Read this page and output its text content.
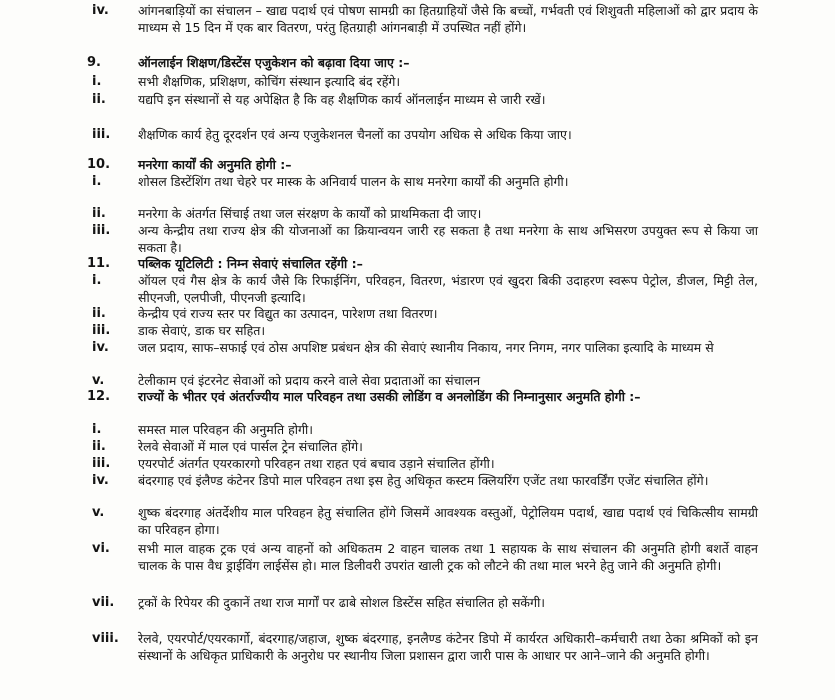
iv. आंगनबाड़ियों का संचालन – खाद्य पदार्थ एवं पोषण सामग्री का हितग्राहियों जैसे कि बच्चों, गर्भवती एवं शिशुवती महिलाओं को द्वार प्रदाय के माध्यम से 15 दिन में एक बार वितरण, परंतु हितग्राही आंगनबाड़ी में उपस्थित नहीं होंगे।
9.	ऑनलाईन शिक्षण/डिस्टेंस एजुकेशन को बढ़ावा दिया जाए :–
i.	सभी शैक्षणिक, प्रशिक्षण, कोचिंग संस्थान इत्यादि बंद रहेंगे।
ii.	यद्यपि इन संस्थानों से यह अपेक्षित है कि वह शैक्षणिक कार्य ऑनलाईन माध्यम से जारी रखें।
iii. शैक्षणिक कार्य हेतु दूरदर्शन एवं अन्य एजुकेशनल चैनलों का उपयोग अधिक से अधिक किया जाए।
10. मनरेगा कार्यों की अनुमति होगी :–
i.	शोसल डिस्टेंशिंग तथा चेहरे पर मास्क के अनिवार्य पालन के साथ मनरेगा कार्यों की अनुमति होगी।
ii.	मनरेगा के अंतर्गत सिंचाई तथा जल संरक्षण के कार्यों को प्राथमिकता दी जाए।
iii. अन्य केन्द्रीय तथा राज्य क्षेत्र की योजनाओं का क्रियान्वयन जारी रह सकता है तथा मनरेगा के साथ अभिसरण उपयुक्त रूप से किया जा सकता है।
11. पब्लिक यूटिलिटी : निम्न सेवाएं संचालित रहेंगी :–
i.	ऑयल एवं गैस क्षेत्र के कार्य जैसे कि रिफाईनिंग, परिवहन, वितरण, भंडारण एवं खुदरा बिकी उदाहरण स्वरूप पेट्रोल, डीजल, मिट्टी तेल, सीएनजी, एलपीजी, पीएनजी इत्यादि।
ii.	केन्द्रीय एवं राज्य स्तर पर विद्युत का उत्पादन, पारेशण तथा वितरण।
iii. डाक सेवाएं, डाक घर सहित।
iv. जल प्रदाय, साफ–सफाई एवं ठोस अपशिष्ट प्रबंधन क्षेत्र की सेवाएं स्थानीय निकाय, नगर निगम, नगर पालिका इत्यादि के माध्यम से
v.	टेलीकाम एवं इंटरनेट सेवाओं को प्रदाय करने वाले सेवा प्रदाताओं का संचालन
12. राज्यों के भीतर एवं अंतर्राज्यीय माल परिवहन तथा उसकी लोडिंग व अनलोडिंग की निम्नानुसार अनुमति होगी :–
i.	समस्त माल परिवहन की अनुमति होगी।
ii.	रेलवे सेवाओं में माल एवं पार्सल ट्रेन संचालित होंगे।
iii. एयरपोर्ट अंतर्गत एयरकारगो परिवहन तथा राहत एवं बचाव उड़ाने संचालित होंगी।
iv. बंदरगाह एवं इंलैण्ड कंटेनर डिपो माल परिवहन तथा इस हेतु अधिकृत कस्टम क्लियरिंग एजेंट तथा फारवर्डिंग एजेंट संचालित होंगे।
v.	शुष्क बंदरगाह अंतर्देशीय माल परिवहन हेतु संचालित होंगे जिसमें आवश्यक वस्तुओं, पेट्रोलियम पदार्थ, खाद्य पदार्थ एवं चिकित्सीय सामग्री का परिवहन होगा।
vi. सभी माल वाहक ट्रक एवं अन्य वाहनों को अधिकतम 2 वाहन चालक तथा 1 सहायक के साथ संचालन की अनुमति होगी बशर्ते वाहन चालक के पास वैध ड्राईविंग लाईसेंस हो। माल डिलीवरी उपरांत खाली ट्रक को लौटने की तथा माल भरने हेतु जाने की अनुमति होगी।
vii. ट्रकों के रिपेयर की दुकानें तथा राज मार्गों पर ढाबे सोशल डिस्टेंस सहित संचालित हो सकेंगी।
viii. रेलवे, एयरपोर्ट/एयरकार्गो, बंदरगाह/जहाज, शुष्क बंदरगाह, इनलैण्ड कंटेनर डिपो में कार्यरत अधिकारी–कर्मचारी तथा ठेका श्रमिकों को इन संस्थानों के अधिकृत प्राधिकारी के अनुरोध पर स्थानीय जिला प्रशासन द्वारा जारी पास के आधार पर आने–जाने की अनुमति होगी।
